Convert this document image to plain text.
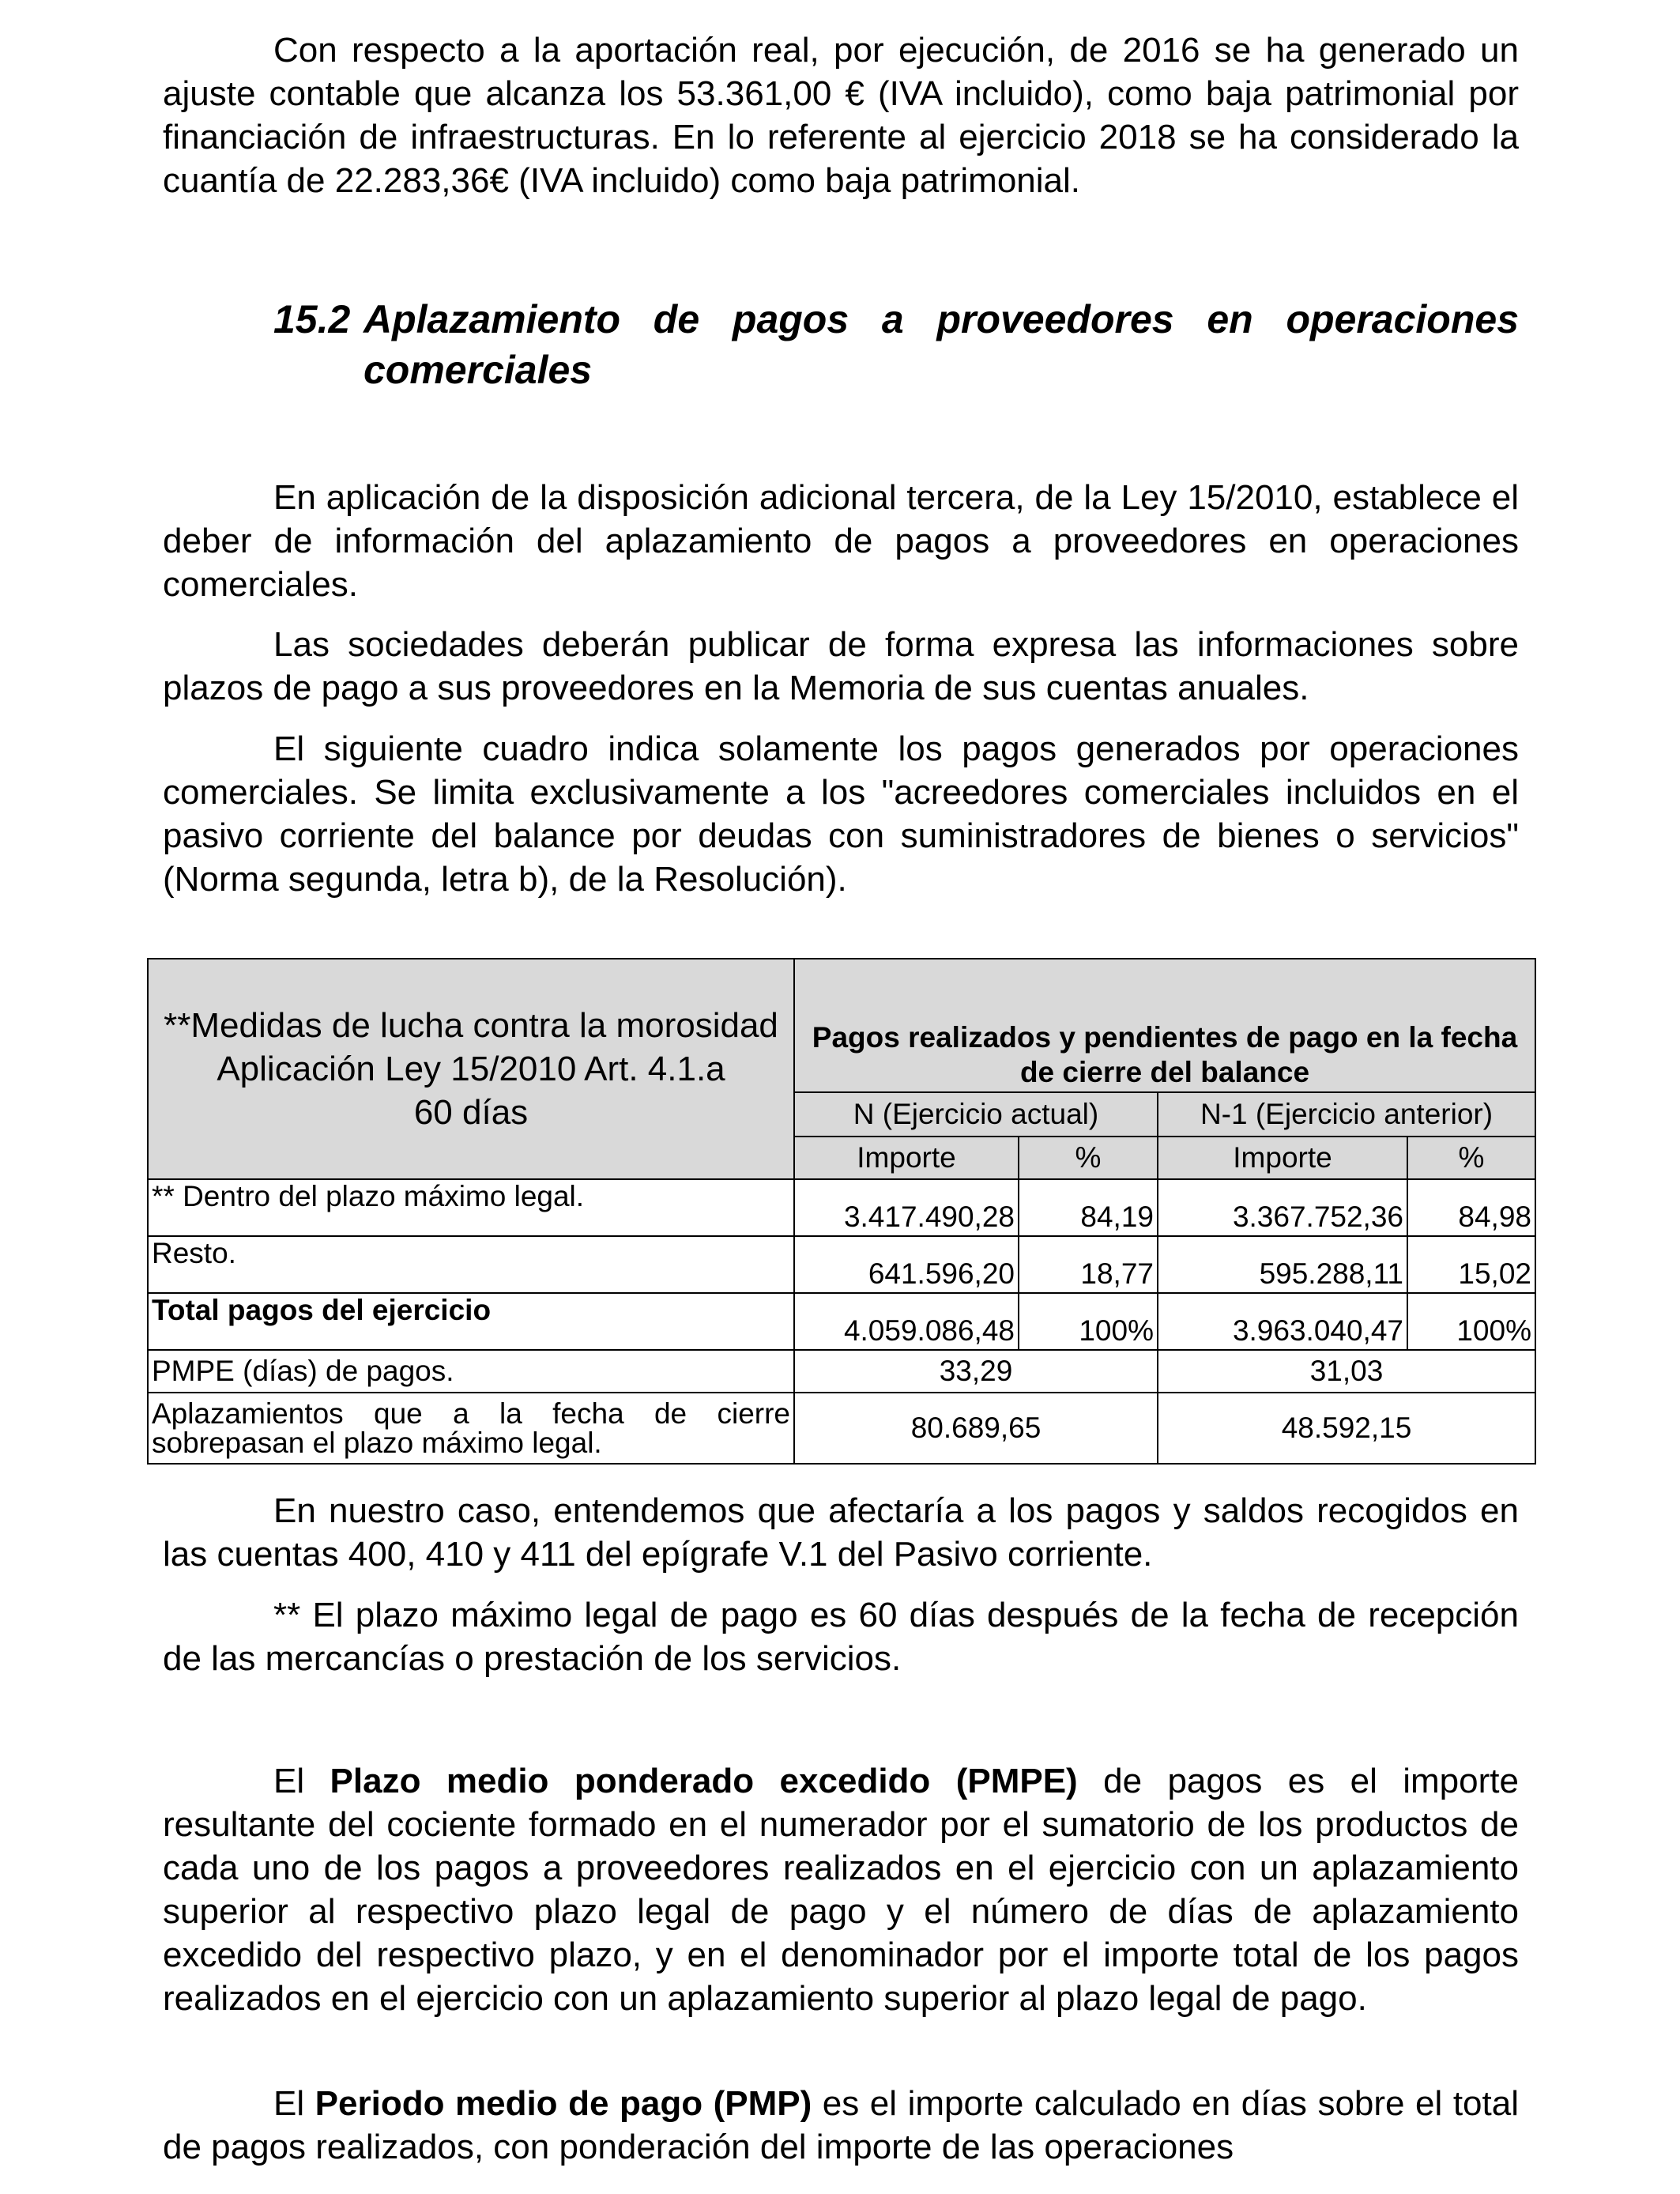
Con respecto a la aportación real, por ejecución, de 2016 se ha generado un ajuste contable que alcanza los 53.361,00 € (IVA incluido), como baja patrimonial por financiación de infraestructuras. En lo referente al ejercicio 2018 se ha considerado la cuantía de 22.283,36€ (IVA incluido) como baja patrimonial.

15.2 Aplazamiento de pagos a proveedores en operaciones comerciales

En aplicación de la disposición adicional tercera, de la Ley 15/2010, establece el deber de información del aplazamiento de pagos a proveedores en operaciones comerciales.

Las sociedades deberán publicar de forma expresa las informaciones sobre plazos de pago a sus proveedores en la Memoria de sus cuentas anuales.

El siguiente cuadro indica solamente los pagos generados por operaciones comerciales. Se limita exclusivamente a los "acreedores comerciales incluidos en el pasivo corriente del balance por deudas con suministradores de bienes o servicios" (Norma segunda, letra b), de la Resolución).

**Medidas de lucha contra la morosidad
Aplicación Ley 15/2010 Art. 4.1.a
60 días	Pagos realizados y pendientes de pago en la fecha de cierre del balance			
	N (Ejercicio actual)		N-1 (Ejercicio anterior)	
	Importe	%	Importe	%
** Dentro del plazo máximo legal.	3.417.490,28	84,19	3.367.752,36	84,98
Resto.	641.596,20	18,77	595.288,11	15,02
Total pagos del ejercicio	4.059.086,48	100%	3.963.040,47	100%
PMPE (días) de pagos.	33,29		31,03	
Aplazamientos que a la fecha de cierre sobrepasan el plazo máximo legal.	80.689,65		48.592,15	

En nuestro caso, entendemos que afectaría a los pagos y saldos recogidos en las cuentas 400, 410 y 411 del epígrafe V.1 del Pasivo corriente.

** El plazo máximo legal de pago es 60 días después de la fecha de recepción de las mercancías o prestación de los servicios.

El Plazo medio ponderado excedido (PMPE) de pagos es el importe resultante del cociente formado en el numerador por el sumatorio de los productos de cada uno de los pagos a proveedores realizados en el ejercicio con un aplazamiento superior al respectivo plazo legal de pago y el número de días de aplazamiento excedido del respectivo plazo, y en el denominador por el importe total de los pagos realizados en el ejercicio con un aplazamiento superior al plazo legal de pago.

El Periodo medio de pago (PMP) es el importe calculado en días sobre el total de pagos realizados, con ponderación del importe de las operaciones
